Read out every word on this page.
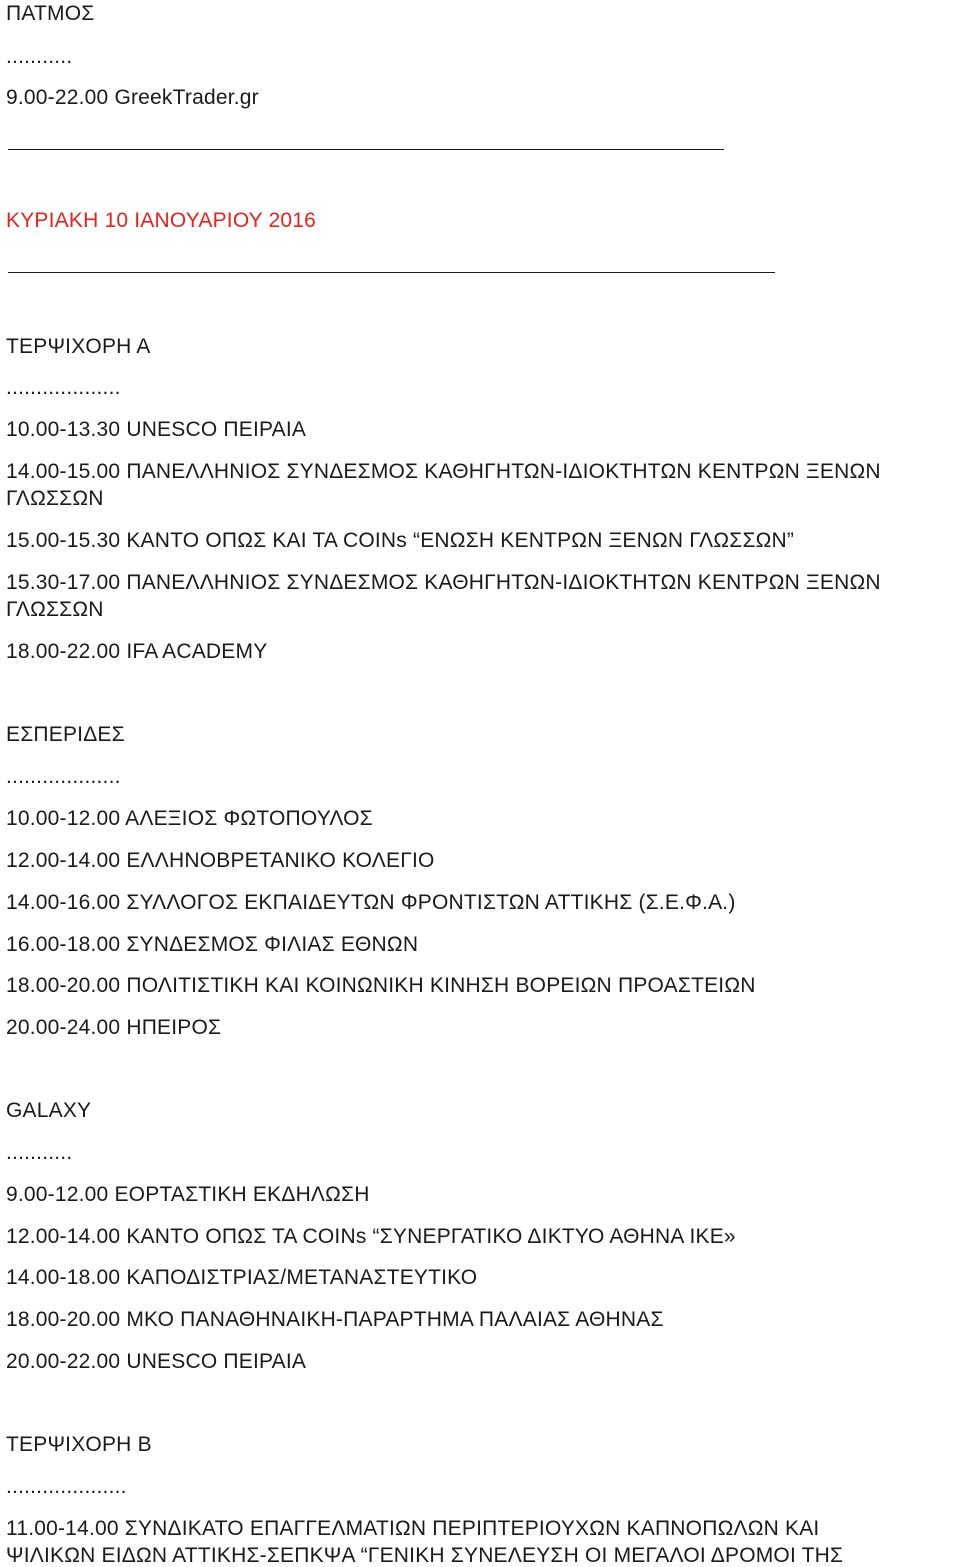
ΠΑΤΜΟΣ
...........
9.00-22.00 GreekTrader.gr
ΚΥΡΙΑΚΗ 10 ΙΑΝΟΥΑΡΙΟΥ 2016
ΤΕΡΨΙΧΟΡΗ Α
...................
10.00-13.30 UNESCO ΠΕΙΡΑΙΑ
14.00-15.00 ΠΑΝΕΛΛΗΝΙΟΣ ΣΥΝΔΕΣΜΟΣ ΚΑΘΗΓΗΤΩΝ-ΙΔΙΟΚΤΗΤΩΝ ΚΕΝΤΡΩΝ ΞΕΝΩΝ
ΓΛΩΣΣΩΝ
15.00-15.30 ΚΑΝΤΟ ΟΠΩΣ ΚΑΙ ΤΑ COINs “ΕΝΩΣΗ ΚΕΝΤΡΩΝ ΞΕΝΩΝ ΓΛΩΣΣΩΝ”
15.30-17.00 ΠΑΝΕΛΛΗΝΙΟΣ ΣΥΝΔΕΣΜΟΣ ΚΑΘΗΓΗΤΩΝ-ΙΔΙΟΚΤΗΤΩΝ ΚΕΝΤΡΩΝ ΞΕΝΩΝ
ΓΛΩΣΣΩΝ
18.00-22.00 IFA ACADEMY
ΕΣΠΕΡΙΔΕΣ
...................
10.00-12.00 ΑΛΕΞΙΟΣ ΦΩΤΟΠΟΥΛΟΣ
12.00-14.00 ΕΛΛΗΝΟΒΡΕΤΑΝΙΚΟ ΚΟΛΕΓΙΟ
14.00-16.00 ΣΥΛΛΟΓΟΣ ΕΚΠΑΙΔΕΥΤΩΝ ΦΡΟΝΤΙΣΤΩΝ ΑΤΤΙΚΗΣ (Σ.Ε.Φ.Α.)
16.00-18.00 ΣΥΝΔΕΣΜΟΣ ΦΙΛΙΑΣ ΕΘΝΩΝ
18.00-20.00 ΠΟΛΙΤΙΣΤΙΚΗ ΚΑΙ ΚΟΙΝΩΝΙΚΗ ΚΙΝΗΣΗ ΒΟΡΕΙΩΝ ΠΡΟΑΣΤΕΙΩΝ
20.00-24.00 ΗΠΕΙΡΟΣ
GALAXY
...........
9.00-12.00 ΕΟΡΤΑΣΤΙΚΗ ΕΚΔΗΛΩΣΗ
12.00-14.00 ΚΑΝΤΟ ΟΠΩΣ ΤΑ COINs “ΣΥΝΕΡΓΑΤΙΚΟ ΔΙΚΤΥΟ ΑΘΗΝΑ ΙΚΕ»
14.00-18.00 ΚΑΠΟΔΙΣΤΡΙΑΣ/ΜΕΤΑΝΑΣΤΕΥΤΙΚΟ
18.00-20.00 ΜΚΟ ΠΑΝΑΘΗΝΑΙΚΗ-ΠΑΡΑΡΤΗΜΑ ΠΑΛΑΙΑΣ ΑΘΗΝΑΣ
20.00-22.00 UNESCO ΠΕΙΡΑΙΑ
ΤΕΡΨΙΧΟΡΗ Β
....................
11.00-14.00 ΣΥΝΔΙΚΑΤΟ ΕΠΑΓΓΕΛΜΑΤΙΩΝ ΠΕΡΙΠΤΕΡΙΟΥΧΩΝ ΚΑΠΝΟΠΩΛΩΝ ΚΑΙ
ΨΙΛΙΚΩΝ ΕΙΔΩΝ ΑΤΤΙΚΗΣ-ΣΕΠΚΨΑ “ΓΕΝΙΚΗ ΣΥΝΕΛΕΥΣΗ ΟΙ ΜΕΓΑΛΟΙ ΔΡΟΜΟΙ ΤΗΣ
